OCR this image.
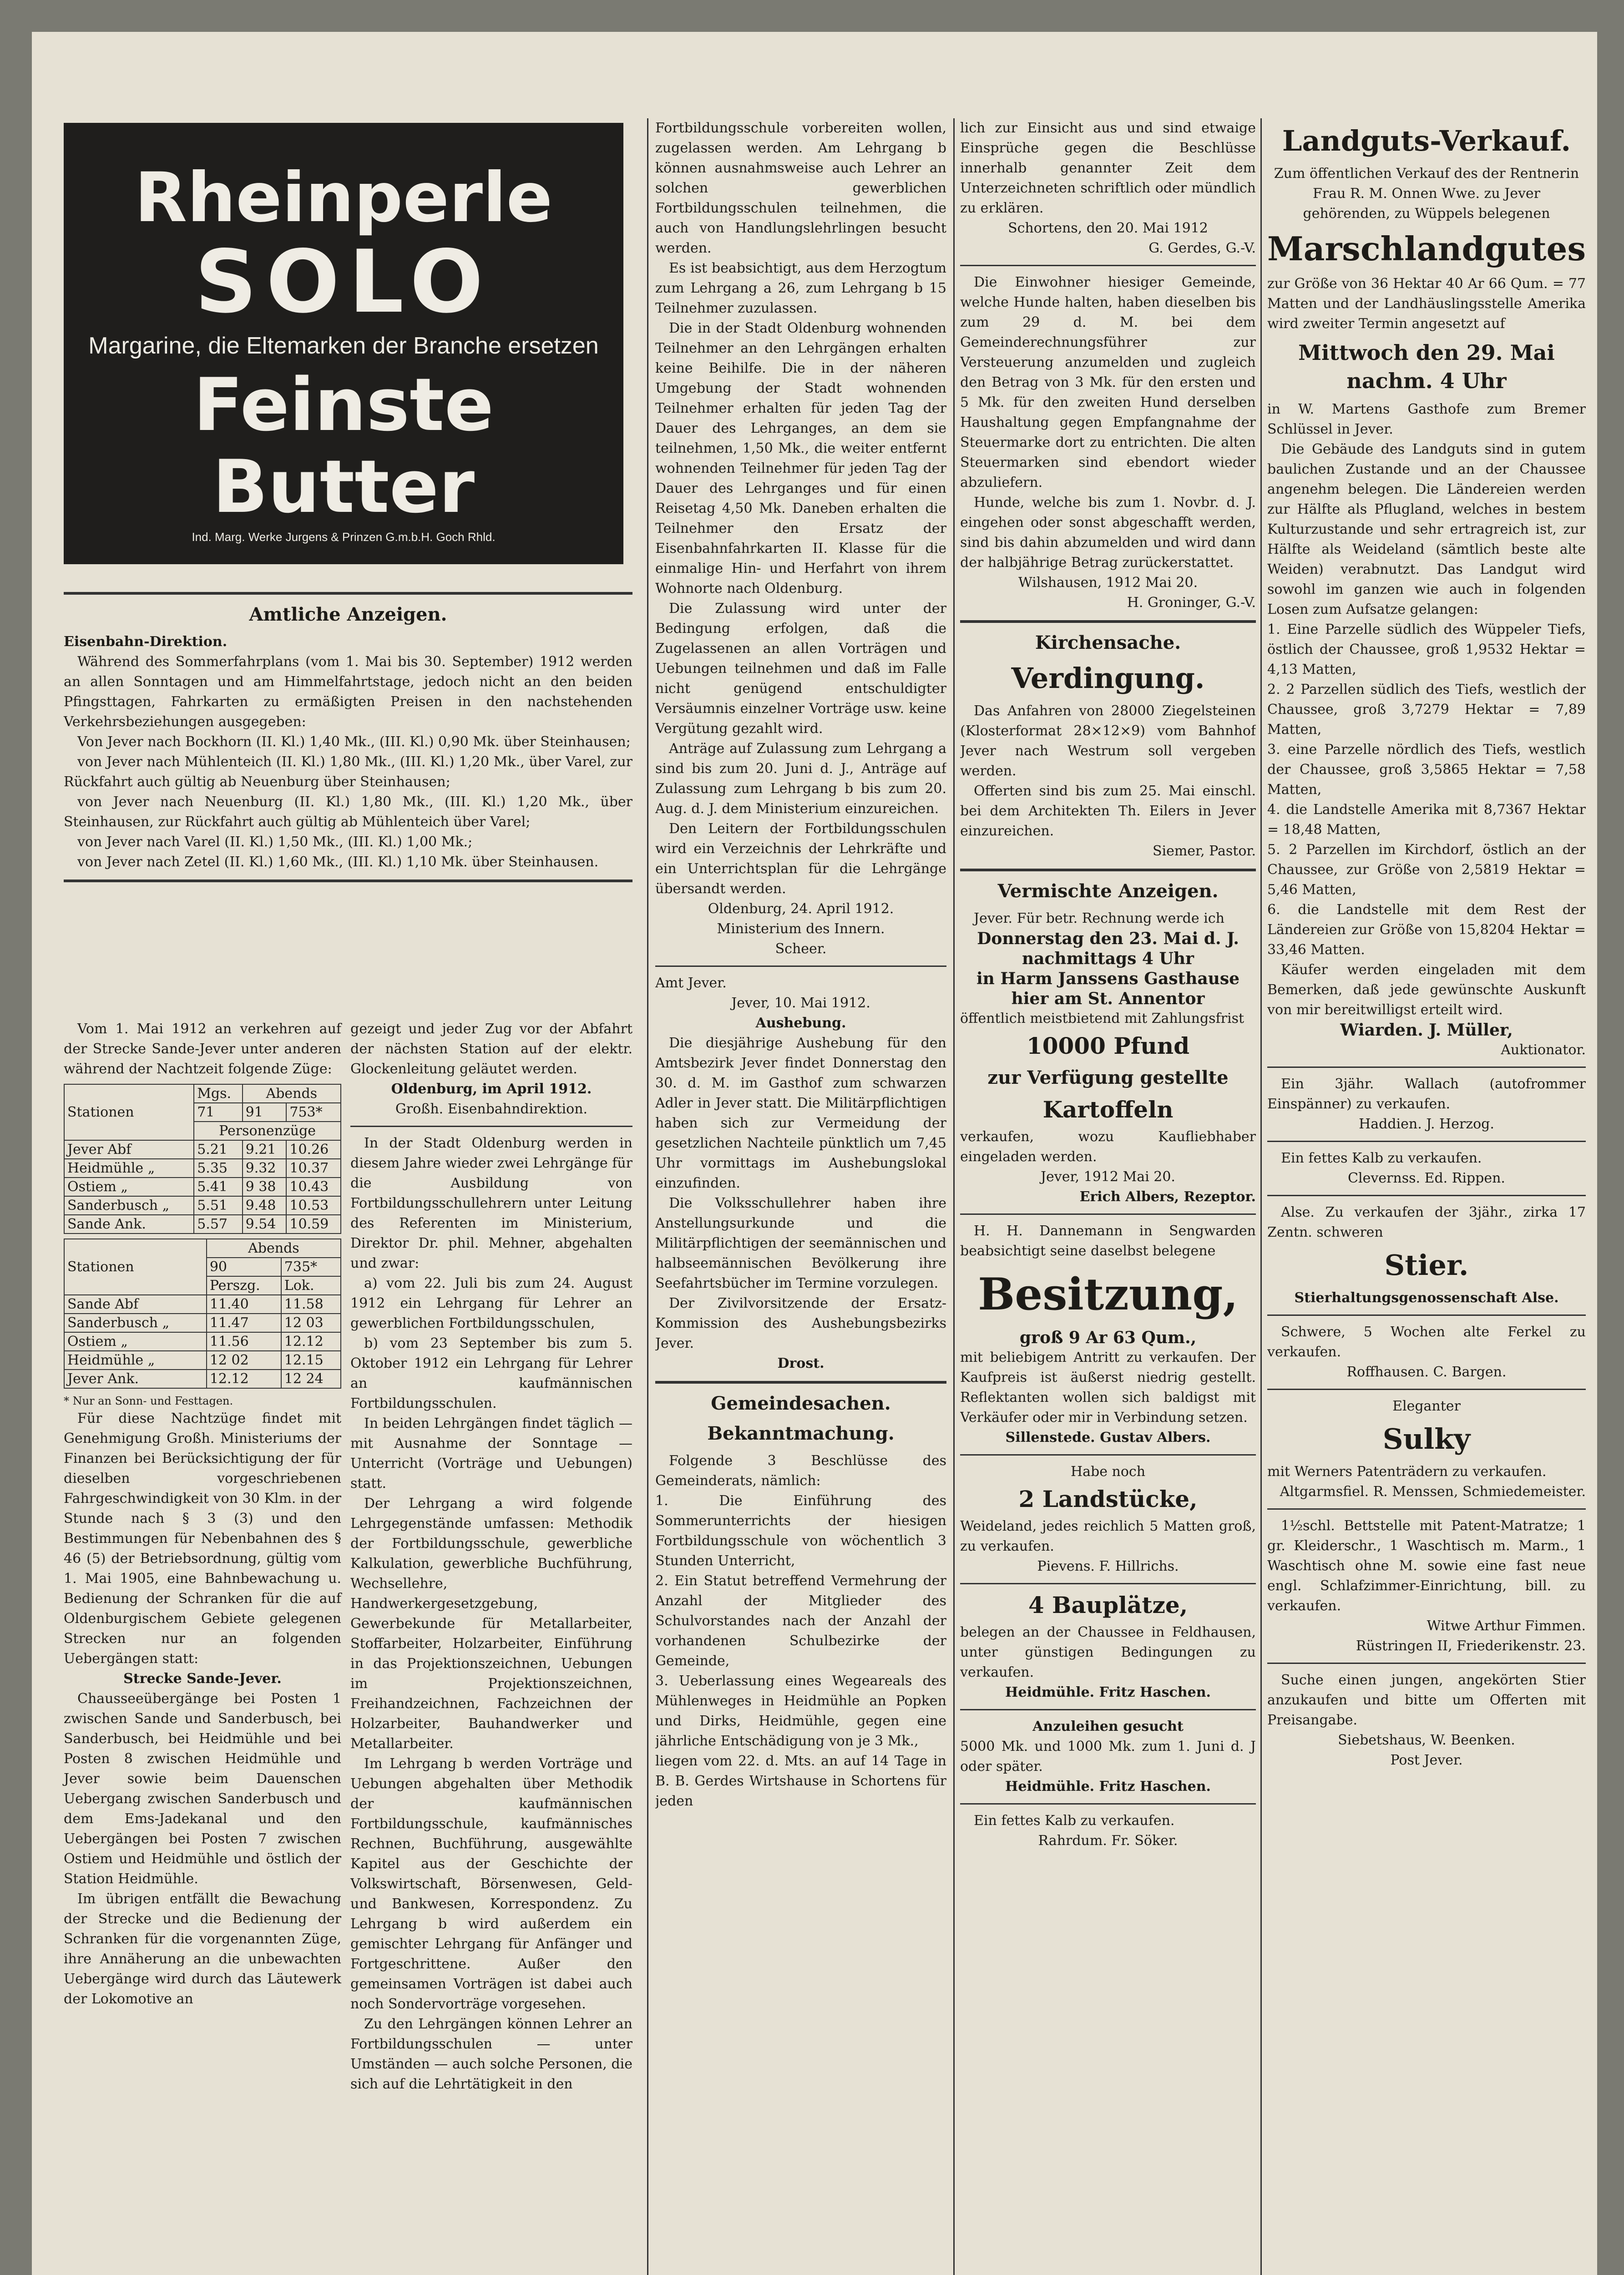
Rheinperle
SOLO
Margarine, die Eltemarken der Branche ersetzen
Feinste Butter
Ind. Marg. Werke Jurgens & Prinzen G.m.b.H. Goch Rhld.
Amtliche Anzeigen.

Eisenbahn-Direktion.

Während des Sommerfahrplans (vom 1. Mai bis 30. September) 1912 werden an allen Sonntagen und am Himmelfahrtstage, jedoch nicht an den beiden Pfingsttagen, Fahrkarten zu ermäßigten Preisen in den nachstehenden Verkehrsbeziehungen ausgegeben:

Von Jever nach Bockhorn (II. Kl.) 1,40 Mk., (III. Kl.) 0,90 Mk. über Steinhausen;

von Jever nach Mühlenteich (II. Kl.) 1,80 Mk., (III. Kl.) 1,20 Mk., über Varel, zur Rückfahrt auch gültig ab Neuenburg über Steinhausen;

von Jever nach Neuenburg (II. Kl.) 1,80 Mk., (III. Kl.) 1,20 Mk., über Steinhausen, zur Rückfahrt auch gültig ab Mühlenteich über Varel;

von Jever nach Varel (II. Kl.) 1,50 Mk., (III. Kl.) 1,00 Mk.;

von Jever nach Zetel (II. Kl.) 1,60 Mk., (III. Kl.) 1,10 Mk. über Steinhausen.

Vom 1. Mai 1912 an verkehren auf der Strecke Sande-Jever unter anderen während der Nachtzeit folgende Züge:

Stationen	Mgs.	Abends	
	71	91	753*
	Personenzüge		
Jever Abf	5.21	9.21	10.26
Heidmühle „	5.35	9.32	10.37
Ostiem „	5.41	9 38	10.43
Sanderbusch „	5.51	9.48	10.53
Sande Ank.	5.57	9.54	10.59
Stationen	Abends	
	90	735*
	Perszg.	Lok.
Sande Abf	11.40	11.58
Sanderbusch „	11.47	12 03
Ostiem „	11.56	12.12
Heidmühle „	12 02	12.15
Jever Ank.	12.12	12 24

* Nur an Sonn- und Festtagen.

Für diese Nachtzüge findet mit Genehmigung Großh. Ministeriums der Finanzen bei Berücksichtigung der für dieselben vorgeschriebenen Fahrgeschwindigkeit von 30 Klm. in der Stunde nach § 3 (3) und den Bestimmungen für Nebenbahnen des § 46 (5) der Betriebsordnung, gültig vom 1. Mai 1905, eine Bahnbewachung u. Bedienung der Schranken für die auf Oldenburgischem Gebiete gelegenen Strecken nur an folgenden Uebergängen statt:

Strecke Sande-Jever.

Chausseeübergänge bei Posten 1 zwischen Sande und Sanderbusch, bei Sanderbusch, bei Heidmühle und bei Posten 8 zwischen Heidmühle und Jever sowie beim Dauenschen Uebergang zwischen Sanderbusch und dem Ems-Jadekanal und den Uebergängen bei Posten 7 zwischen Ostiem und Heidmühle und östlich der Station Heidmühle.

Im übrigen entfällt die Bewachung der Strecke und die Bedienung der Schranken für die vorgenannten Züge, ihre Annäherung an die unbewachten Uebergänge wird durch das Läutewerk der Lokomotive an

gezeigt und jeder Zug vor der Abfahrt der nächsten Station auf der elektr. Glockenleitung geläutet werden.

Oldenburg, im April 1912.

Großh. Eisenbahndirektion.

In der Stadt Oldenburg werden in diesem Jahre wieder zwei Lehrgänge für die Ausbildung von Fortbildungsschullehrern unter Leitung des Referenten im Ministerium, Direktor Dr. phil. Mehner, abgehalten und zwar:

a) vom 22. Juli bis zum 24. August 1912 ein Lehrgang für Lehrer an gewerblichen Fortbildungsschulen,

b) vom 23 September bis zum 5. Oktober 1912 ein Lehrgang für Lehrer an kaufmännischen Fortbildungsschulen.

In beiden Lehrgängen findet täglich — mit Ausnahme der Sonntage — Unterricht (Vorträge und Uebungen) statt.

Der Lehrgang a wird folgende Lehrgegenstände umfassen: Methodik der Fortbildungsschule, gewerbliche Kalkulation, gewerbliche Buchführung, Wechsellehre, Handwerkergesetzgebung, Gewerbekunde für Metallarbeiter, Stoffarbeiter, Holzarbeiter, Einführung in das Projektionszeichnen, Uebungen im Projektionszeichnen, Freihandzeichnen, Fachzeichnen der Holzarbeiter, Bauhandwerker und Metallarbeiter.

Im Lehrgang b werden Vorträge und Uebungen abgehalten über Methodik der kaufmännischen Fortbildungsschule, kaufmännisches Rechnen, Buchführung, ausgewählte Kapitel aus der Geschichte der Volkswirtschaft, Börsenwesen, Geld- und Bankwesen, Korrespondenz. Zu Lehrgang b wird außerdem ein gemischter Lehrgang für Anfänger und Fortgeschrittene. Außer den gemeinsamen Vorträgen ist dabei auch noch Sondervorträge vorgesehen.

Zu den Lehrgängen können Lehrer an Fortbildungsschulen — unter Umständen — auch solche Personen, die sich auf die Lehrtätigkeit in den

Fortbildungsschule vorbereiten wollen, zugelassen werden. Am Lehrgang b können ausnahmsweise auch Lehrer an solchen gewerblichen Fortbildungsschulen teilnehmen, die auch von Handlungslehrlingen besucht werden.

Es ist beabsichtigt, aus dem Herzogtum zum Lehrgang a 26, zum Lehrgang b 15 Teilnehmer zuzulassen.

Die in der Stadt Oldenburg wohnenden Teilnehmer an den Lehrgängen erhalten keine Beihilfe. Die in der näheren Umgebung der Stadt wohnenden Teilnehmer erhalten für jeden Tag der Dauer des Lehrganges, an dem sie teilnehmen, 1,50 Mk., die weiter entfernt wohnenden Teilnehmer für jeden Tag der Dauer des Lehrganges und für einen Reisetag 4,50 Mk. Daneben erhalten die Teilnehmer den Ersatz der Eisenbahnfahrkarten II. Klasse für die einmalige Hin- und Herfahrt von ihrem Wohnorte nach Oldenburg.

Die Zulassung wird unter der Bedingung erfolgen, daß die Zugelassenen an allen Vorträgen und Uebungen teilnehmen und daß im Falle nicht genügend entschuldigter Versäumnis einzelner Vorträge usw. keine Vergütung gezahlt wird.

Anträge auf Zulassung zum Lehrgang a sind bis zum 20. Juni d. J., Anträge auf Zulassung zum Lehrgang b bis zum 20. Aug. d. J. dem Ministerium einzureichen.

Den Leitern der Fortbildungsschulen wird ein Verzeichnis der Lehrkräfte und ein Unterrichtsplan für die Lehrgänge übersandt werden.

Oldenburg, 24. April 1912.

Ministerium des Innern.

Scheer.

Amt Jever.

Jever, 10. Mai 1912.

Aushebung.

Die diesjährige Aushebung für den Amtsbezirk Jever findet Donnerstag den 30. d. M. im Gasthof zum schwarzen Adler in Jever statt. Die Militärpflichtigen haben sich zur Vermeidung der gesetzlichen Nachteile pünktlich um 7,45 Uhr vormittags im Aushebungslokal einzufinden.

Die Volksschullehrer haben ihre Anstellungsurkunde und die Militärpflichtigen der seemännischen und halbseemännischen Bevölkerung ihre Seefahrtsbücher im Termine vorzulegen.

Der Zivilvorsitzende der Ersatz-Kommission des Aushebungsbezirks Jever.

Drost.

Gemeindesachen.
Bekanntmachung.

Folgende 3 Beschlüsse des Gemeinderats, nämlich:

1. Die Einführung des Sommerunterrichts der hiesigen Fortbildungsschule von wöchentlich 3 Stunden Unterricht,

2. Ein Statut betreffend Vermehrung der Anzahl der Mitglieder des Schulvorstandes nach der Anzahl der vorhandenen Schulbezirke der Gemeinde,

3. Ueberlassung eines Wegeareals des Mühlenweges in Heidmühle an Popken und Dirks, Heidmühle, gegen eine jährliche Entschädigung von je 3 Mk.,

liegen vom 22. d. Mts. an auf 14 Tage in B. B. Gerdes Wirtshause in Schortens für jeden

lich zur Einsicht aus und sind etwaige Einsprüche gegen die Beschlüsse innerhalb genannter Zeit dem Unterzeichneten schriftlich oder mündlich zu erklären.

Schortens, den 20. Mai 1912

G. Gerdes, G.-V.

Die Einwohner hiesiger Gemeinde, welche Hunde halten, haben dieselben bis zum 29 d. M. bei dem Gemeinderechnungsführer zur Versteuerung anzumelden und zugleich den Betrag von 3 Mk. für den ersten und 5 Mk. für den zweiten Hund derselben Haushaltung gegen Empfangnahme der Steuermarke dort zu entrichten. Die alten Steuermarken sind ebendort wieder abzuliefern.

Hunde, welche bis zum 1. Novbr. d. J. eingehen oder sonst abgeschafft werden, sind bis dahin abzumelden und wird dann der halbjährige Betrag zurückerstattet.

Wilshausen, 1912 Mai 20.

H. Groninger, G.-V.

Kirchensache.
Verdingung.

Das Anfahren von 28000 Ziegelsteinen (Klosterformat 28×12×9) vom Bahnhof Jever nach Westrum soll vergeben werden.

Offerten sind bis zum 25. Mai einschl. bei dem Architekten Th. Eilers in Jever einzureichen.

Siemer, Pastor.

Vermischte Anzeigen.

Jever. Für betr. Rechnung werde ich

Donnerstag den 23. Mai d. J. nachmittags 4 Uhr

in Harm Janssens Gasthause hier am St. Annentor

öffentlich meistbietend mit Zahlungsfrist

10000 Pfund
zur Verfügung gestellte
Kartoffeln

verkaufen, wozu Kaufliebhaber eingeladen werden.

Jever, 1912 Mai 20.

Erich Albers, Rezeptor.

H. H. Dannemann in Sengwarden beabsichtigt seine daselbst belegene

Besitzung,

groß 9 Ar 63 Qum.,

mit beliebigem Antritt zu verkaufen. Der Kaufpreis ist äußerst niedrig gestellt. Reflektanten wollen sich baldigst mit Verkäufer oder mir in Verbindung setzen.

Sillenstede. Gustav Albers.

Habe noch

2 Landstücke,

Weideland, jedes reichlich 5 Matten groß, zu verkaufen.

Pievens. F. Hillrichs.

4 Bauplätze,

belegen an der Chaussee in Feldhausen, unter günstigen Bedingungen zu verkaufen.

Heidmühle. Fritz Haschen.

Anzuleihen gesucht

5000 Mk. und 1000 Mk. zum 1. Juni d. J oder später.

Heidmühle. Fritz Haschen.

Ein fettes Kalb zu verkaufen.

Rahrdum. Fr. Söker.

Landguts-Verkauf.

Zum öffentlichen Verkauf des der Rentnerin Frau R. M. Onnen Wwe. zu Jever gehörenden, zu Wüppels belegenen

Marschlandgutes

zur Größe von 36 Hektar 40 Ar 66 Qum. = 77 Matten und der Landhäuslingsstelle Amerika wird zweiter Termin angesetzt auf

Mittwoch den 29. Mai nachm. 4 Uhr

in W. Martens Gasthofe zum Bremer Schlüssel in Jever.

Die Gebäude des Landguts sind in gutem baulichen Zustande und an der Chaussee angenehm belegen. Die Ländereien werden zur Hälfte als Pflugland, welches in bestem Kulturzustande und sehr ertragreich ist, zur Hälfte als Weideland (sämtlich beste alte Weiden) verabnutzt. Das Landgut wird sowohl im ganzen wie auch in folgenden Losen zum Aufsatze gelangen:

1. Eine Parzelle südlich des Wüppeler Tiefs, östlich der Chaussee, groß 1,9532 Hektar = 4,13 Matten,

2. 2 Parzellen südlich des Tiefs, westlich der Chaussee, groß 3,7279 Hektar = 7,89 Matten,

3. eine Parzelle nördlich des Tiefs, westlich der Chaussee, groß 3,5865 Hektar = 7,58 Matten,

4. die Landstelle Amerika mit 8,7367 Hektar = 18,48 Matten,

5. 2 Parzellen im Kirchdorf, östlich an der Chaussee, zur Größe von 2,5819 Hektar = 5,46 Matten,

6. die Landstelle mit dem Rest der Ländereien zur Größe von 15,8204 Hektar = 33,46 Matten.

Käufer werden eingeladen mit dem Bemerken, daß jede gewünschte Auskunft von mir bereitwilligst erteilt wird.

Wiarden. J. Müller,

Auktionator.

Ein 3jähr. Wallach (autofrommer Einspänner) zu verkaufen.

Haddien. J. Herzog.

Ein fettes Kalb zu verkaufen.

Clevernss. Ed. Rippen.

Alse. Zu verkaufen der 3jähr., zirka 17 Zentn. schweren

Stier.

Stierhaltungsgenossenschaft Alse.

Schwere, 5 Wochen alte Ferkel zu verkaufen.

Roffhausen. C. Bargen.

Eleganter

Sulky

mit Werners Patenträdern zu verkaufen.

Altgarmsfiel. R. Menssen, Schmiedemeister.

1½schl. Bettstelle mit Patent-Matratze; 1 gr. Kleiderschr., 1 Waschtisch m. Marm., 1 Waschtisch ohne M. sowie eine fast neue engl. Schlafzimmer-Einrichtung, bill. zu verkaufen.

Witwe Arthur Fimmen.

Rüstringen II, Friederikenstr. 23.

Suche einen jungen, angekörten Stier anzukaufen und bitte um Offerten mit Preisangabe.

Siebetshaus, W. Beenken.

Post Jever.
